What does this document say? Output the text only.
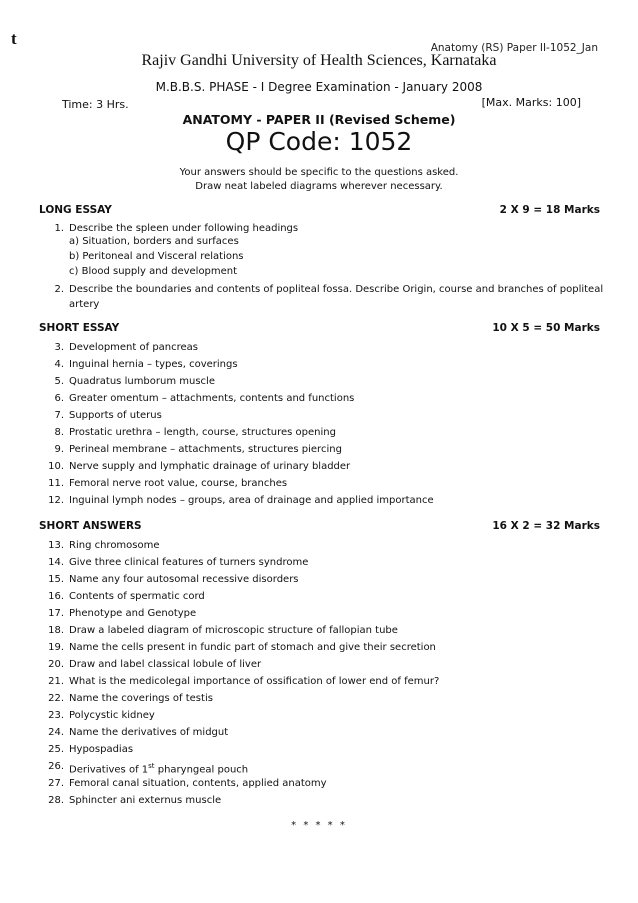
t	Anatomy (RS) Paper II-1052_Jan
Rajiv Gandhi University of Health Sciences, Karnataka
M.B.B.S. PHASE - I Degree Examination - January 2008
Time: 3 Hrs.	[Max. Marks: 100]
ANATOMY - PAPER II (Revised Scheme)
QP Code: 1052
Your answers should be specific to the questions asked.
Draw neat labeled diagrams wherever necessary.
LONG ESSAY	2 X 9 = 18 Marks
1. Describe the spleen under following headings
a) Situation, borders and surfaces
b) Peritoneal and Visceral relations
c) Blood supply and development
2. Describe the boundaries and contents of popliteal fossa. Describe Origin, course and branches of popliteal artery
SHORT ESSAY	10 X 5 = 50 Marks
3. Development of pancreas
4. Inguinal hernia – types, coverings
5. Quadratus lumborum muscle
6. Greater omentum – attachments, contents and functions
7. Supports of uterus
8. Prostatic urethra – length, course, structures opening
9. Perineal membrane – attachments, structures piercing
10. Nerve supply and lymphatic drainage of urinary bladder
11. Femoral nerve root value, course, branches
12. Inguinal lymph nodes – groups, area of drainage and applied importance
SHORT ANSWERS	16 X 2 = 32 Marks
13. Ring chromosome
14. Give three clinical features of turners syndrome
15. Name any four autosomal recessive disorders
16. Contents of spermatic cord
17. Phenotype and Genotype
18. Draw a labeled diagram of microscopic structure of fallopian tube
19. Name the cells present in fundic part of stomach and give their secretion
20. Draw and label classical lobule of liver
21. What is the medicolegal importance of ossification of lower end of femur?
22. Name the coverings of testis
23. Polycystic kidney
24. Name the derivatives of midgut
25. Hypospadias
26. Derivatives of 1st pharyngeal pouch
27. Femoral canal situation, contents, applied anatomy
28. Sphincter ani externus muscle
* * * * *
